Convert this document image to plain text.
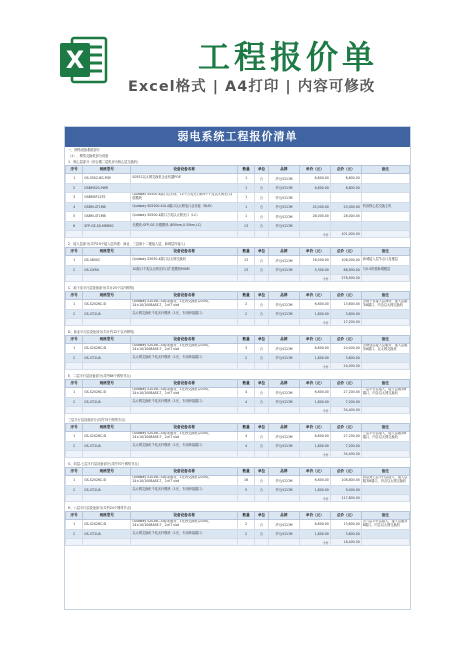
X	工程报价单
Excel格式 | A4打印 | 内容可修改
弱电系统工程报价清单
一、网络设备系统部分
（1）、网络交换机部分设备
1、核心层部分（综合楼二层机房为核心层交换机）
序号	规格型号	设备设备名称	数量	单位	品牌	单价（元）	总价（元）	备注
1	GS-5552-8G-POE	S0552以太网交换机企业机器POE	1	台	华为/CCOM	6,800.00	6,800.00	
2	GSBM520-PWR		1	台	华为/CCOM	6,800.00	6,800.00	
3	GSBM5F12TE	Quidway S0500-4端口以太网，12个万兆光口和4个千兆以太网光口扩展模块	1	台	华为/CCOM			
4	GSBM-4T1MB	Quidway S05500-4GL4端口以太网电口业务板（RJ45）	1	台	华为/CCOM	25,000.00	25,000.00	机房核心层交换主机
5	GSBM-4T1MB	Quidway S0500-4端口万兆以太网光口（LC）	1	台	华为/CCOM	28,000.00	28,000.00	
6	SFP-GE-SX-MM850	光模块-SFP-GE-多模模块-(850nm,0.55km,LC)	13	台	华为/CCOM			
						小计	101,000.00	
2、接入层部分(共约19个接入层所需：商业、三层和十二楼接入层，商城层内接入)
序号	规格型号	设备设备名称	数量	单位	品牌	单价（元）	总价（元）	备注
1	GS-5850C	Quidway S3050-4端口以太网交换机	13	台	华为/CCOM	16,000.00	208,000.00	商城接入层节点口及楼层
2	GS-GXRU	10端口千兆以太网光纤口扩展模块MISM	13	台	华为/CCOM	5,300.00	68,900.00	与S-5所需新增楼层
						小计	276,900.00	
C、地下室平行层设备部分(共计25个以内网络)
序号	规格型号	设备设备名称	数量	单位	品牌	单价（元）	总价（元）	备注
1	GS-S2026C-SI	Quidway S2026C-SI标准服务，1比特交换机(220V)，24×10/100BASE-T，2×IT slot	2	台	华为/CCOM	6,800.00	13,600.00	含地下室接入层网络，接入层服务8端口，内含以太网交换机
2	GS-GT1UA	以太网交换机千兆光纤模块（1光，专用跨接端口）	2	台	华为/CCOM	1,800.00	3,600.00	
						小计	17,200.00	
D、商业平行层设备部分(共计约12个以内网络)
序号	规格型号	设备设备名称	数量	单位	品牌	单价（元）	总价（元）	备注
1	GS-S2026C-SI	Quidway S2026C-SI标准服务，1比特交换机(220V)，24×10/100BASE-T，2×IT slot	3	台	华为/CCOM	6,800.00	20,400.00	含商业层接入层服务，接入层服务8端口，以太网交换机
2	GS-GT1UA	以太网交换机千兆光纤模块（1光，专用跨接端口）	2	台	华为/CCOM	1,800.00	3,600.00	
						小计	24,000.00	
E、二层平行层设备部分(共约68个网络节点)
序号	规格型号	设备设备名称	数量	单位	品牌	单价（元）	总价（元）	备注
1	GS-S2026C-SI	Quidway S2026C-SI标准服务，1比特交换机(220V)，24×10/100BASE-T，2×IT slot	4	台	华为/CCOM	6,800.00	27,200.00	二层平行层接入，接入层服务8端口，内含以太网交换机
2	GS-GT1UA	以太网交换机千兆光纤模块（1光，专用跨接端口）	4	台	华为/CCOM	1,800.00	7,200.00	
						小计	34,400.00	
三层平行层设备部分(共约75个网络节点)
序号	规格型号	设备设备名称	数量	单位	品牌	单价（元）	总价（元）	备注
1	GS-S2026C-SI	Quidway S2026C-SI标准服务，1比特交换机(220V)，24×10/100BASE-T，2×IT slot	4	台	华为/CCOM	6,800.00	27,200.00	三层平行层接入，接入层服务8端口，内含以太网交换机
2	GS-GT1UA	以太网交换机千兆光纤模块（1光，专用跨接端口）	4	台	华为/CCOM	1,800.00	7,200.00	
						小计	34,400.00	
G、四层-七层平行层设备部分(共约70个网络节点)
序号	规格型号	设备设备名称	数量	单位	品牌	单价（元）	总价（元）	备注
1	GS-S2026C-SI	Quidway S2026C-SI标准服务，1比特交换机(220V)，24×10/100BASE-T，2×IT slot	16	台	华为/CCOM	6,800.00	108,800.00	四层到七层平行层接入，接入层服务8端口，内含以太网交换机
2	GS-GT1UA	以太网交换机千兆光纤模块（1光，专用跨接端口）	5	台	华为/CCOM	1,800.00	9,000.00	
						小计	117,800.00	
H、八层平行层设备部分(共约24个网络节点)
序号	规格型号	设备设备名称	数量	单位	品牌	单价（元）	总价（元）	备注
1	GS-S2026C-SI	Quidway S2026C-SI标准服务，1比特交换机(220V)，24×10/100BASE-T，2×IT slot	2	台	华为/CCOM	6,800.00	13,600.00	含八层平行层接入，接入层服务8端口，内含以太网交换机
2	GS-GT1UA	以太网交换机千兆光纤模块（1光，专用跨接端口）	2	台	华为/CCOM	1,800.00	3,600.00	
						小计	18,400.00	
